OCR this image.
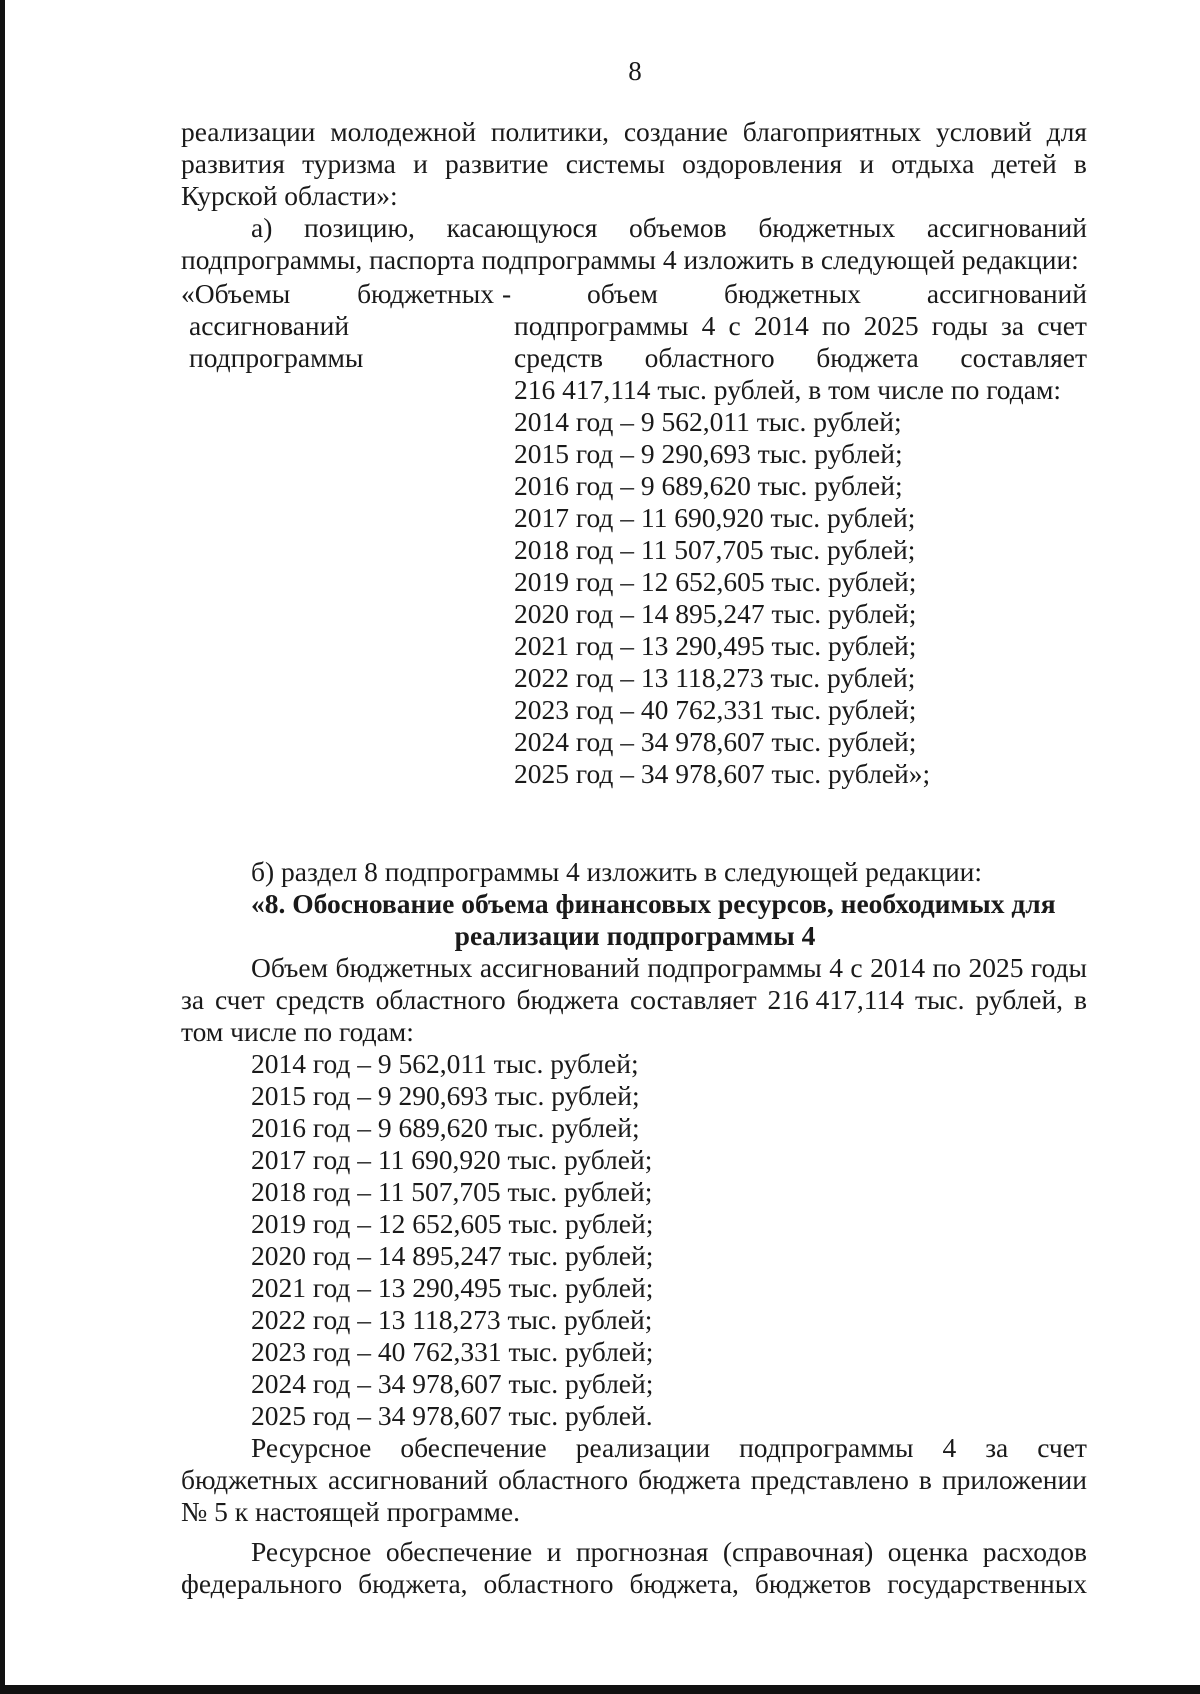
8
реализации молодежной политики, создание благоприятных условий для
развития туризма и развитие системы оздоровления и отдыха детей в
Курской области»:
а) позицию, касающуюся объемов бюджетных ассигнований
подпрограммы, паспорта подпрограммы 4 изложить в следующей редакции:
«Объемы бюджетных
ассигнований
подпрограммы
-	объем бюджетных ассигнований
подпрограммы 4 с 2014 по 2025 годы за счет
средств областного бюджета составляет
216 417,114 тыс. рублей, в том числе по годам:
2014 год – 9 562,011 тыс. рублей;
2015 год – 9 290,693 тыс. рублей;
2016 год – 9 689,620 тыс. рублей;
2017 год – 11 690,920 тыс. рублей;
2018 год – 11 507,705 тыс. рублей;
2019 год – 12 652,605 тыс. рублей;
2020 год – 14 895,247 тыс. рублей;
2021 год – 13 290,495 тыс. рублей;
2022 год – 13 118,273 тыс. рублей;
2023 год – 40 762,331 тыс. рублей;
2024 год – 34 978,607 тыс. рублей;
2025 год – 34 978,607 тыс. рублей»;
б) раздел 8 подпрограммы 4 изложить в следующей редакции:
«8. Обоснование объема финансовых ресурсов, необходимых для
реализации подпрограммы 4
Объем бюджетных ассигнований подпрограммы 4 с 2014 по 2025 годы
за счет средств областного бюджета составляет 216 417,114 тыс. рублей, в
том числе по годам:
2014 год – 9 562,011 тыс. рублей;
2015 год – 9 290,693 тыс. рублей;
2016 год – 9 689,620 тыс. рублей;
2017 год – 11 690,920 тыс. рублей;
2018 год – 11 507,705 тыс. рублей;
2019 год – 12 652,605 тыс. рублей;
2020 год – 14 895,247 тыс. рублей;
2021 год – 13 290,495 тыс. рублей;
2022 год – 13 118,273 тыс. рублей;
2023 год – 40 762,331 тыс. рублей;
2024 год – 34 978,607 тыс. рублей;
2025 год – 34 978,607 тыс. рублей.
Ресурсное обеспечение реализации подпрограммы 4 за счет
бюджетных ассигнований областного бюджета представлено в приложении
№ 5 к настоящей программе.
Ресурсное обеспечение и прогнозная (справочная) оценка расходов
федерального бюджета, областного бюджета, бюджетов государственных
